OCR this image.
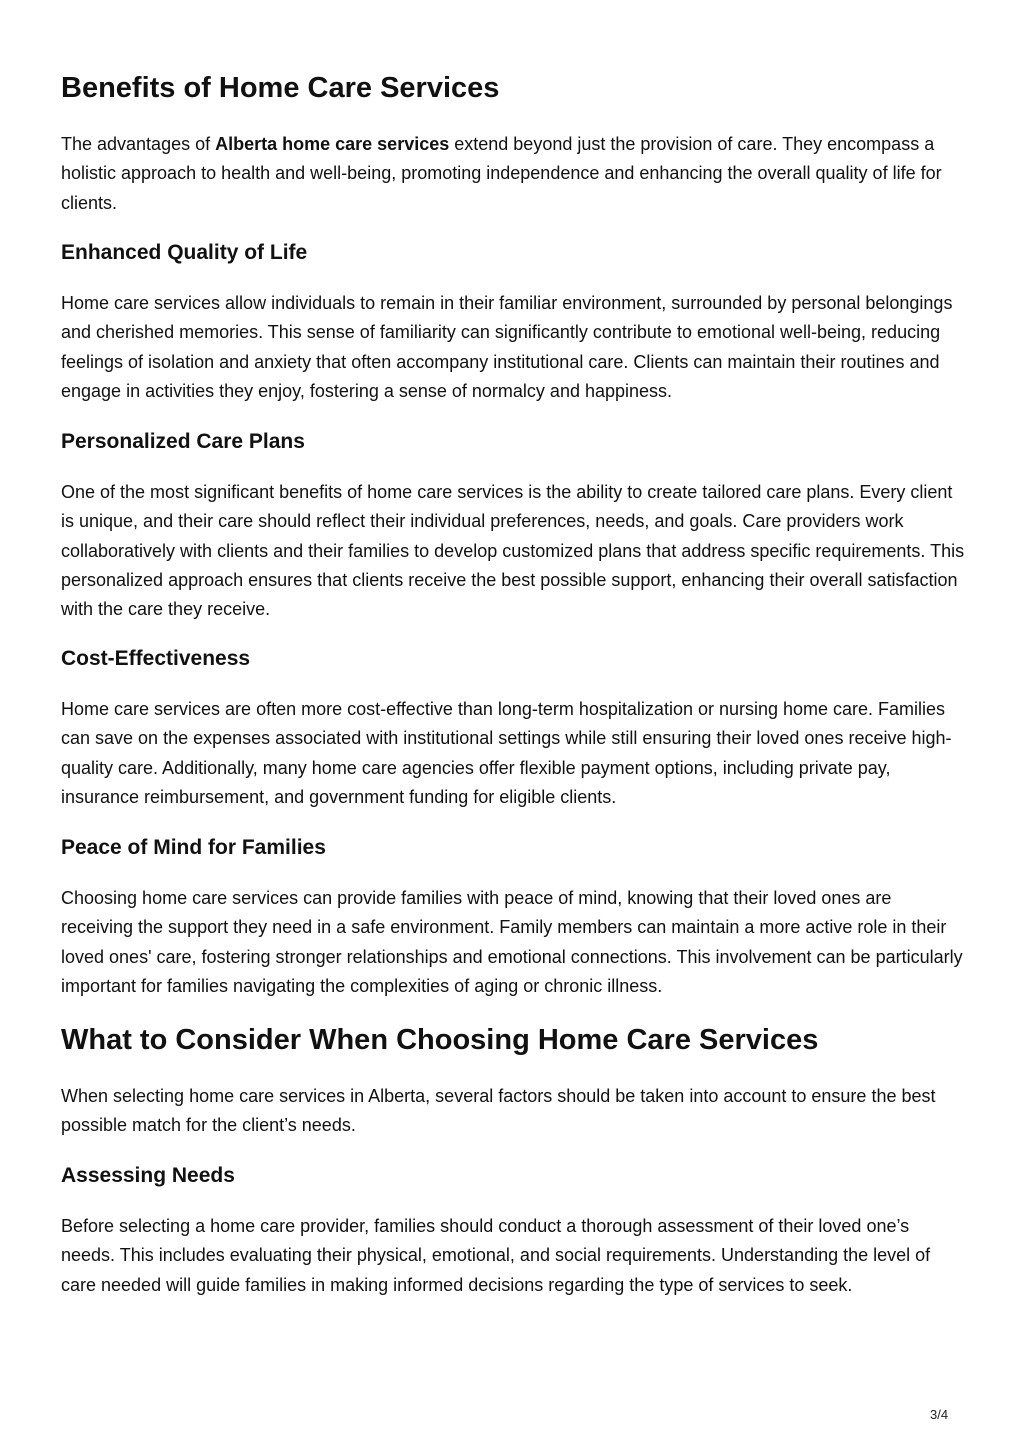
Benefits of Home Care Services

The advantages of Alberta home care services extend beyond just the provision of care. They encompass a holistic approach to health and well-being, promoting independence and enhancing the overall quality of life for clients.

Enhanced Quality of Life

Home care services allow individuals to remain in their familiar environment, surrounded by personal belongings and cherished memories. This sense of familiarity can significantly contribute to emotional well-being, reducing feelings of isolation and anxiety that often accompany institutional care. Clients can maintain their routines and engage in activities they enjoy, fostering a sense of normalcy and happiness.

Personalized Care Plans

One of the most significant benefits of home care services is the ability to create tailored care plans. Every client is unique, and their care should reflect their individual preferences, needs, and goals. Care providers work collaboratively with clients and their families to develop customized plans that address specific requirements. This personalized approach ensures that clients receive the best possible support, enhancing their overall satisfaction with the care they receive.

Cost-Effectiveness

Home care services are often more cost-effective than long-term hospitalization or nursing home care. Families can save on the expenses associated with institutional settings while still ensuring their loved ones receive high-quality care. Additionally, many home care agencies offer flexible payment options, including private pay, insurance reimbursement, and government funding for eligible clients.

Peace of Mind for Families

Choosing home care services can provide families with peace of mind, knowing that their loved ones are receiving the support they need in a safe environment. Family members can maintain a more active role in their loved ones' care, fostering stronger relationships and emotional connections. This involvement can be particularly important for families navigating the complexities of aging or chronic illness.

What to Consider When Choosing Home Care Services

When selecting home care services in Alberta, several factors should be taken into account to ensure the best possible match for the client’s needs.

Assessing Needs

Before selecting a home care provider, families should conduct a thorough assessment of their loved one’s needs. This includes evaluating their physical, emotional, and social requirements. Understanding the level of care needed will guide families in making informed decisions regarding the type of services to seek.

3/4
